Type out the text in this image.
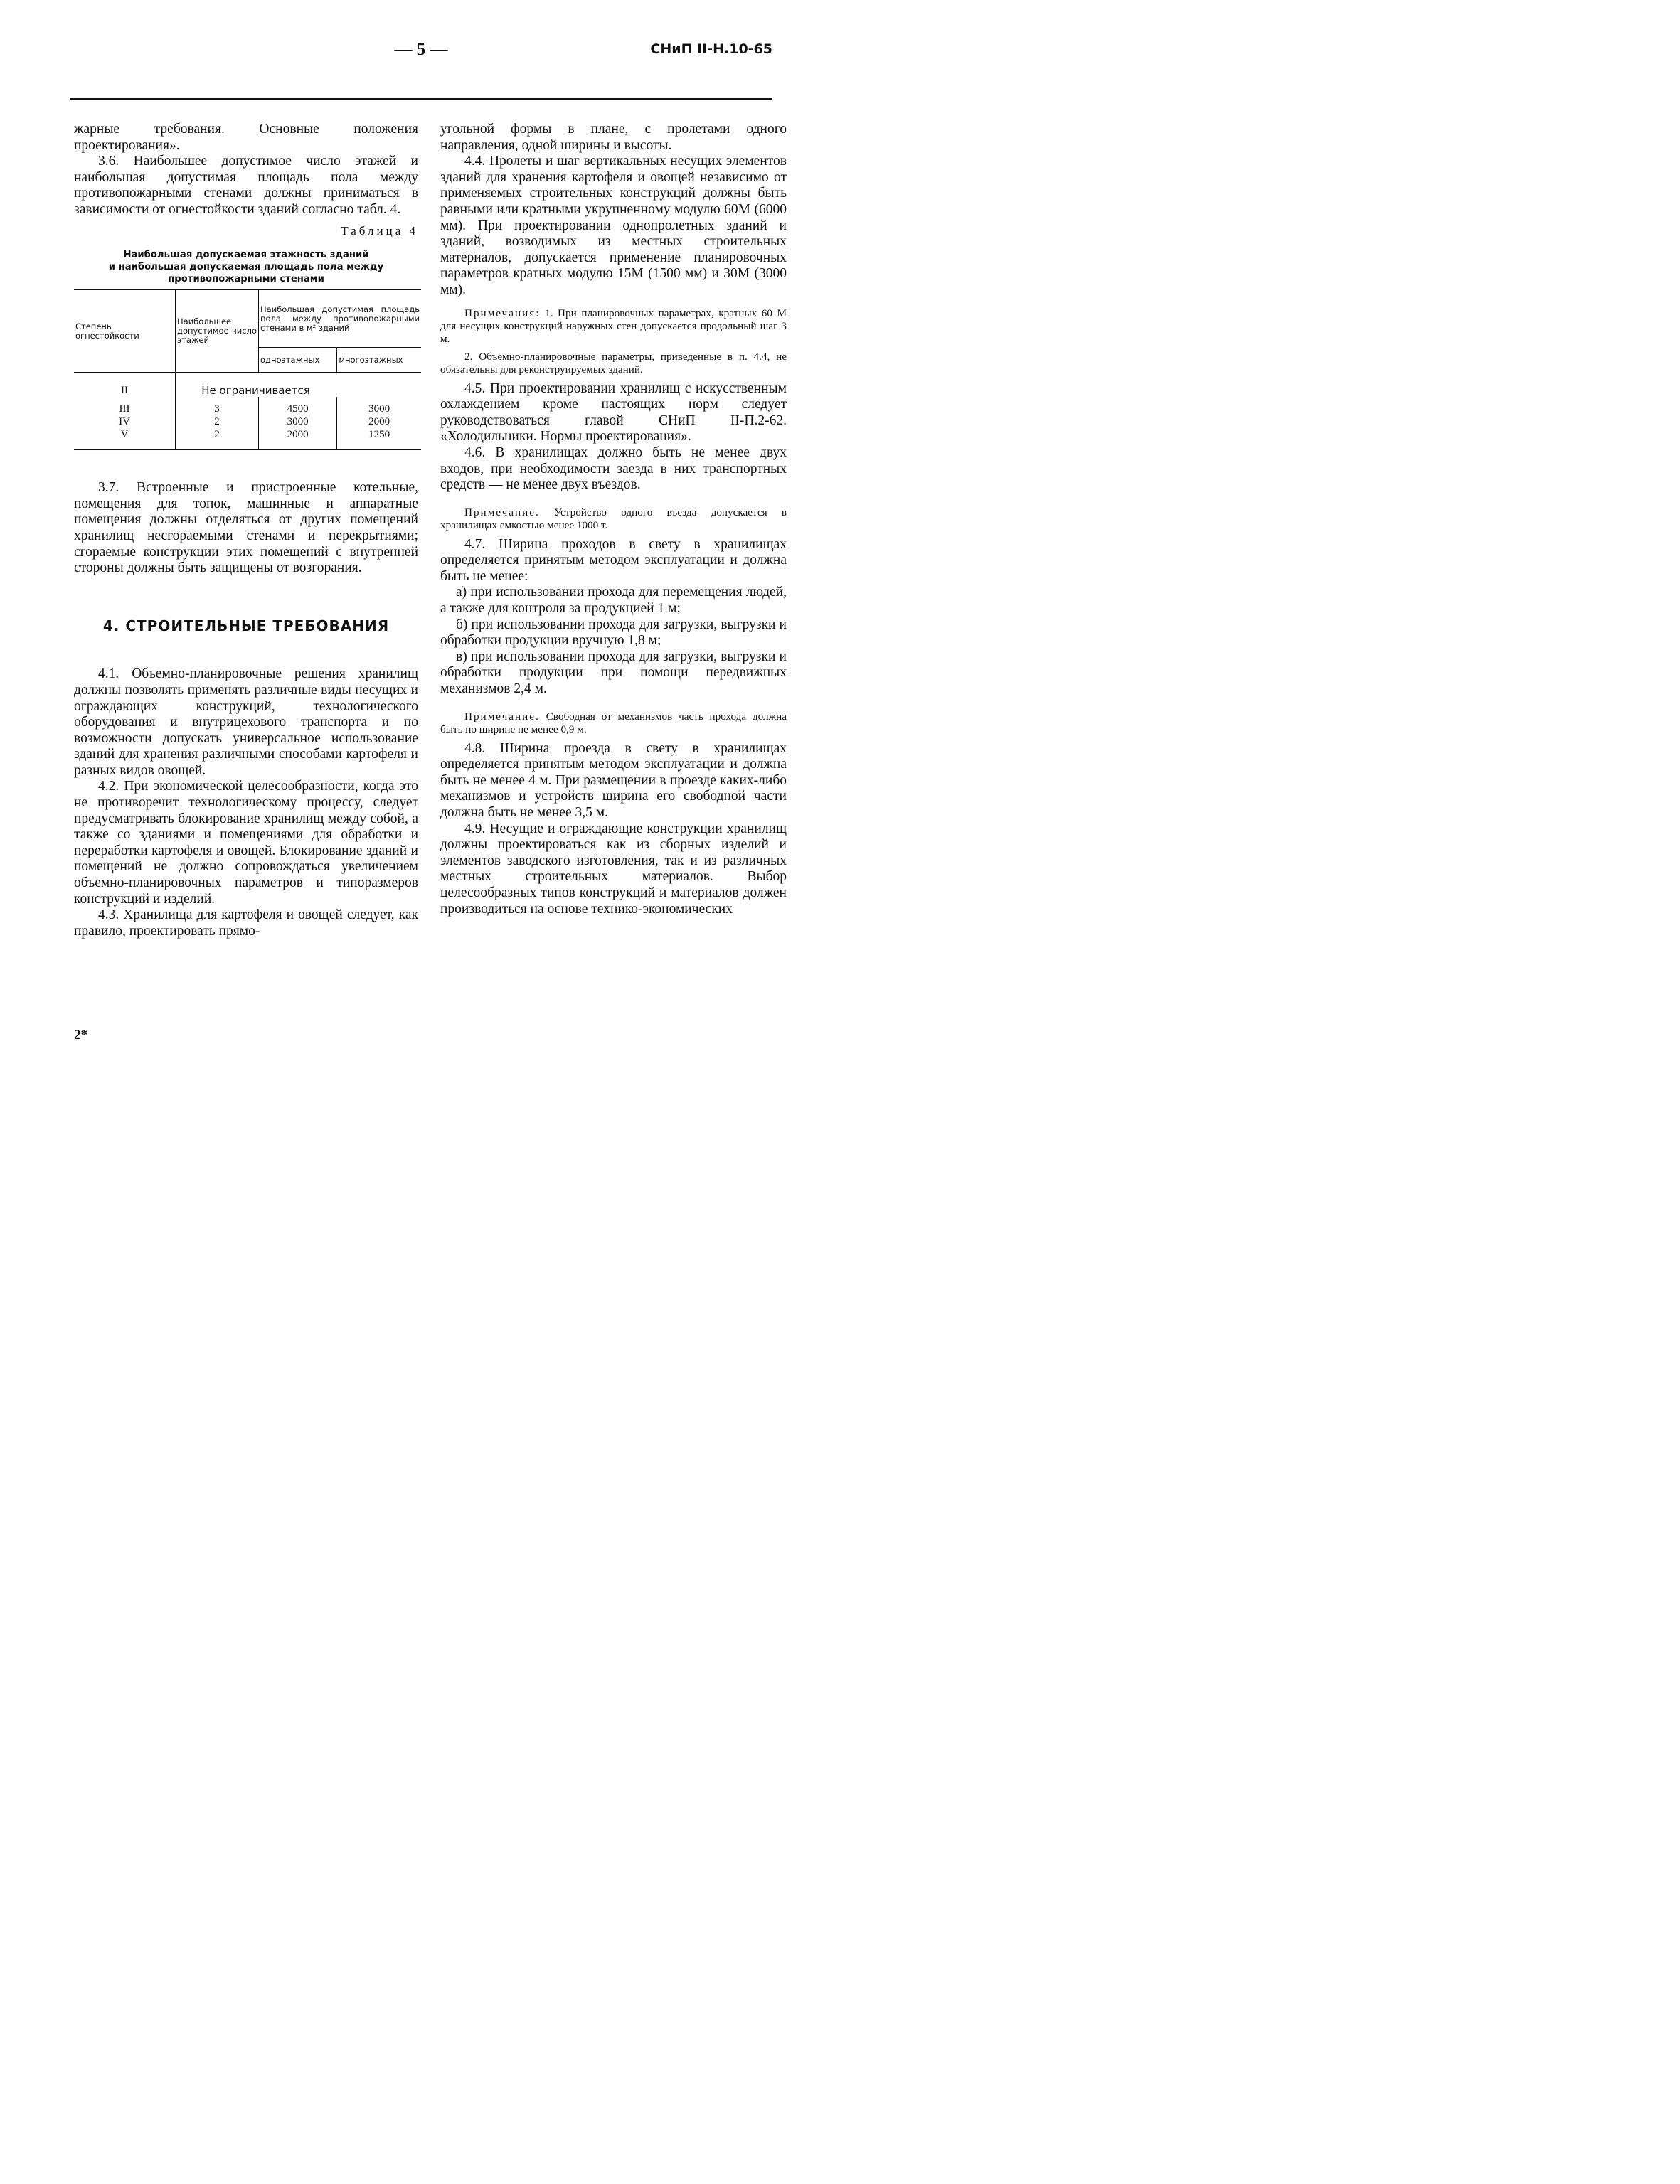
— 5 —	СНиП II-Н.10-65

жарные требования. Основные положения проектирования».

3.6. Наибольшее допустимое число этажей и наибольшая допустимая площадь пола между противопожарными стенами должны приниматься в зависимости от огнестойкости зданий согласно табл. 4.

Таблица 4

Наибольшая допускаемая этажность зданий
и наибольшая допускаемая площадь пола между
противопожарными стенами

Степень огнестойкости	Наибольшее допустимое число этажей	Наибольшая допустимая площадь пола между противопожарными стенами в м² зданий	
		одноэтажных	многоэтажных
II	Не ограничивается		
III	3	4500	3000
IV	2	3000	2000
V	2	2000	1250

3.7. Встроенные и пристроенные котельные, помещения для топок, машинные и аппаратные помещения должны отделяться от других помещений хранилищ несгораемыми стенами и перекрытиями; сгораемые конструкции этих помещений с внутренней стороны должны быть защищены от возгорания.

4. СТРОИТЕЛЬНЫЕ ТРЕБОВАНИЯ

4.1. Объемно-планировочные решения хранилищ должны позволять применять различные виды несущих и ограждающих конструкций, технологического оборудования и внутрицехового транспорта и по возможности допускать универсальное использование зданий для хранения различными способами картофеля и разных видов овощей.

4.2. При экономической целесообразности, когда это не противоречит технологическому процессу, следует предусматривать блокирование хранилищ между собой, а также со зданиями и помещениями для обработки и переработки картофеля и овощей. Блокирование зданий и помещений не должно сопровождаться увеличением объемно-планировочных параметров и типоразмеров конструкций и изделий.

4.3. Хранилища для картофеля и овощей следует, как правило, проектировать прямо-

угольной формы в плане, с пролетами одного направления, одной ширины и высоты.

4.4. Пролеты и шаг вертикальных несущих элементов зданий для хранения картофеля и овощей независимо от применяемых строительных конструкций должны быть равными или кратными укрупненному модулю 60М (6000 мм). При проектировании однопролетных зданий и зданий, возводимых из местных строительных материалов, допускается применение планировочных параметров кратных модулю 15М (1500 мм) и 30М (3000 мм).

Примечания: 1. При планировочных параметрах, кратных 60 М для несущих конструкций наружных стен допускается продольный шаг 3 м.

2. Объемно-планировочные параметры, приведенные в п. 4.4, не обязательны для реконструируемых зданий.

4.5. При проектировании хранилищ с искусственным охлаждением кроме настоящих норм следует руководствоваться главой СНиП II-П.2-62. «Холодильники. Нормы проектирования».

4.6. В хранилищах должно быть не менее двух входов, при необходимости заезда в них транспортных средств — не менее двух въездов.

Примечание. Устройство одного въезда допускается в хранилищах емкостью менее 1000 т.

4.7. Ширина проходов в свету в хранилищах определяется принятым методом эксплуатации и должна быть не менее:

а) при использовании прохода для перемещения людей, а также для контроля за продукцией 1 м;

б) при использовании прохода для загрузки, выгрузки и обработки продукции вручную 1,8 м;

в) при использовании прохода для загрузки, выгрузки и обработки продукции при помощи передвижных механизмов 2,4 м.

Примечание. Свободная от механизмов часть прохода должна быть по ширине не менее 0,9 м.

4.8. Ширина проезда в свету в хранилищах определяется принятым методом эксплуатации и должна быть не менее 4 м. При размещении в проезде каких-либо механизмов и устройств ширина его свободной части должна быть не менее 3,5 м.

4.9. Несущие и ограждающие конструкции хранилищ должны проектироваться как из сборных изделий и элементов заводского изготовления, так и из различных местных строительных материалов. Выбор целесообразных типов конструкций и материалов должен производиться на основе технико-экономических

2*
